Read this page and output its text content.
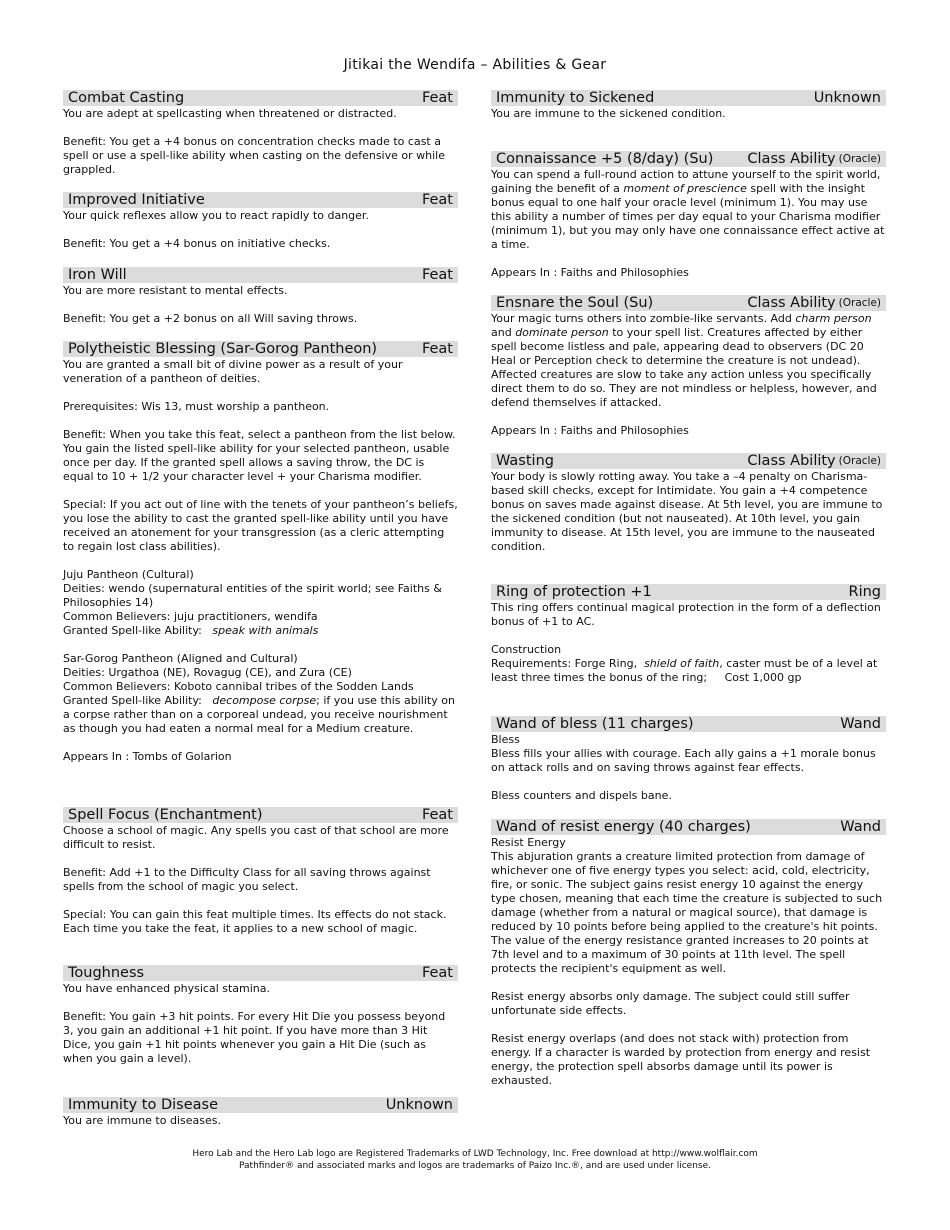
Jitikai the Wendifa – Abilities & Gear
Combat Casting	Feat

You are adept at spellcasting when threatened or distracted.

Benefit: You get a +4 bonus on concentration checks made to cast a spell or use a spell-like ability when casting on the defensive or while grappled.

Improved Initiative	Feat

Your quick reflexes allow you to react rapidly to danger.

Benefit: You get a +4 bonus on initiative checks.

Iron Will	Feat

You are more resistant to mental effects.

Benefit: You get a +2 bonus on all Will saving throws.

Polytheistic Blessing (Sar-Gorog Pantheon)	Feat

You are granted a small bit of divine power as a result of your veneration of a pantheon of deities.

Prerequisites: Wis 13, must worship a pantheon.

Benefit: When you take this feat, select a pantheon from the list below. You gain the listed spell-like ability for your selected pantheon, usable once per day. If the granted spell allows a saving throw, the DC is equal to 10 + 1/2 your character level + your Charisma modifier.

Special: If you act out of line with the tenets of your pantheon’s beliefs, you lose the ability to cast the granted spell-like ability until you have received an atonement for your transgression (as a cleric attempting to regain lost class abilities).

Juju Pantheon (Cultural)
Deities: wendo (supernatural entities of the spirit world; see Faiths & Philosophies 14)
Common Believers: juju practitioners, wendifa
Granted Spell-like Ability: speak with animals

Sar-Gorog Pantheon (Aligned and Cultural)
Deities: Urgathoa (NE), Rovagug (CE), and Zura (CE)
Common Believers: Koboto cannibal tribes of the Sodden Lands
Granted Spell-like Ability: decompose corpse; if you use this ability on a corpse rather than on a corporeal undead, you receive nourishment as though you had eaten a normal meal for a Medium creature.

Appears In : Tombs of Golarion

Spell Focus (Enchantment)	Feat

Choose a school of magic. Any spells you cast of that school are more difficult to resist.

Benefit: Add +1 to the Difficulty Class for all saving throws against spells from the school of magic you select.

Special: You can gain this feat multiple times. Its effects do not stack. Each time you take the feat, it applies to a new school of magic.

Toughness	Feat

You have enhanced physical stamina.

Benefit: You gain +3 hit points. For every Hit Die you possess beyond 3, you gain an additional +1 hit point. If you have more than 3 Hit Dice, you gain +1 hit points whenever you gain a Hit Die (such as when you gain a level).

Immunity to Disease	Unknown

You are immune to diseases.

Immunity to Sickened	Unknown

You are immune to the sickened condition.

Connaissance +5 (8/day) (Su)	Class Ability (Oracle)

You can spend a full-round action to attune yourself to the spirit world, gaining the benefit of a moment of prescience spell with the insight bonus equal to one half your oracle level (minimum 1). You may use this ability a number of times per day equal to your Charisma modifier (minimum 1), but you may only have one connaissance effect active at a time.

Appears In : Faiths and Philosophies

Ensnare the Soul (Su)	Class Ability (Oracle)

Your magic turns others into zombie-like servants. Add charm person and dominate person to your spell list. Creatures affected by either spell become listless and pale, appearing dead to observers (DC 20 Heal or Perception check to determine the creature is not undead). Affected creatures are slow to take any action unless you specifically direct them to do so. They are not mindless or helpless, however, and defend themselves if attacked.

Appears In : Faiths and Philosophies

Wasting	Class Ability (Oracle)

Your body is slowly rotting away. You take a –4 penalty on Charisma-based skill checks, except for Intimidate. You gain a +4 competence bonus on saves made against disease. At 5th level, you are immune to the sickened condition (but not nauseated). At 10th level, you gain immunity to disease. At 15th level, you are immune to the nauseated condition.

Ring of protection +1	Ring

This ring offers continual magical protection in the form of a deflection bonus of +1 to AC.

Construction
Requirements: Forge Ring, shield of faith, caster must be of a level at least three times the bonus of the ring; Cost 1,000 gp

Wand of bless (11 charges)	Wand

Bless
Bless fills your allies with courage. Each ally gains a +1 morale bonus on attack rolls and on saving throws against fear effects.

Bless counters and dispels bane.

Wand of resist energy (40 charges)	Wand

Resist Energy
This abjuration grants a creature limited protection from damage of whichever one of five energy types you select: acid, cold, electricity, fire, or sonic. The subject gains resist energy 10 against the energy type chosen, meaning that each time the creature is subjected to such damage (whether from a natural or magical source), that damage is reduced by 10 points before being applied to the creature's hit points. The value of the energy resistance granted increases to 20 points at 7th level and to a maximum of 30 points at 11th level. The spell protects the recipient's equipment as well.

Resist energy absorbs only damage. The subject could still suffer unfortunate side effects.

Resist energy overlaps (and does not stack with) protection from energy. If a character is warded by protection from energy and resist energy, the protection spell absorbs damage until its power is exhausted.

Hero Lab and the Hero Lab logo are Registered Trademarks of LWD Technology, Inc. Free download at http://www.wolflair.com
Pathfinder® and associated marks and logos are trademarks of Paizo Inc.®, and are used under license.
